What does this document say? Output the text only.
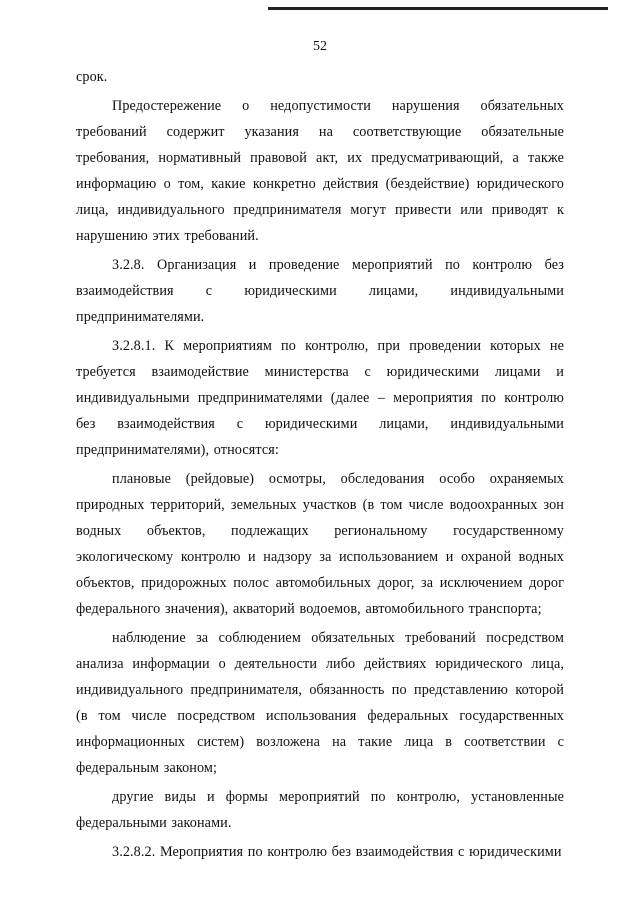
52

срок.

Предостережение о недопустимости нарушения обязательных требований содержит указания на соответствующие обязательные требования, нормативный правовой акт, их предусматривающий, а также информацию о том, какие конкретно действия (бездействие) юридического лица, индивидуального предпринимателя могут привести или приводят к нарушению этих требований.

3.2.8. Организация и проведение мероприятий по контролю без взаимодействия с юридическими лицами, индивидуальными предпринимателями.

3.2.8.1. К мероприятиям по контролю, при проведении которых не требуется взаимодействие министерства с юридическими лицами и индивидуальными предпринимателями (далее – мероприятия по контролю без взаимодействия с юридическими лицами, индивидуальными предпринимателями), относятся:

плановые (рейдовые) осмотры, обследования особо охраняемых природных территорий, земельных участков (в том числе водоохранных зон водных объектов, подлежащих региональному государственному экологическому контролю и надзору за использованием и охраной водных объектов, придорожных полос автомобильных дорог, за исключением дорог федерального значения), акваторий водоемов, автомобильного транспорта;

наблюдение за соблюдением обязательных требований посредством анализа информации о деятельности либо действиях юридического лица, индивидуального предпринимателя, обязанность по представлению которой (в том числе посредством использования федеральных государственных информационных систем) возложена на такие лица в соответствии с федеральным законом;

другие виды и формы мероприятий по контролю, установленные федеральными законами.

3.2.8.2. Мероприятия по контролю без взаимодействия с юридическими
